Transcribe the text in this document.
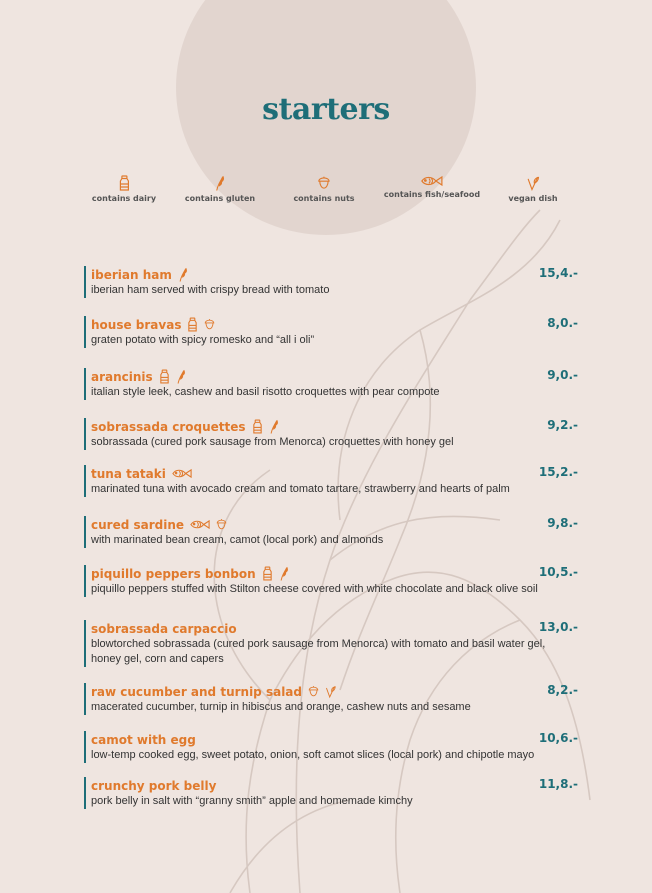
starters
contains dairy	contains gluten	contains nuts	contains fish/seafood	vegan dish
iberian ham	15,4.-
iberian ham served with crispy bread with tomato
house bravas	8,0.-
graten potato with spicy romesko and “all i oli”
arancinis	9,0.-
italian style leek, cashew and basil risotto croquettes with pear compote
sobrassada croquettes	9,2.-
sobrassada (cured pork sausage from Menorca) croquettes with honey gel
tuna tataki	15,2.-
marinated tuna with avocado cream and tomato tartare, strawberry and hearts of palm
cured sardine	9,8.-
with marinated bean cream, camot (local pork) and almonds
piquillo peppers bonbon	10,5.-
piquillo peppers stuffed with Stilton cheese covered with white chocolate and black olive soil
sobrassada carpaccio	13,0.-
blowtorched sobrassada (cured pork sausage from Menorca) with tomato and basil water gel, honey gel, corn and capers
raw cucumber and turnip salad	8,2.-
macerated cucumber, turnip in hibiscus and orange, cashew nuts and sesame
camot with egg	10,6.-
low-temp cooked egg, sweet potato, onion, soft camot slices (local pork) and chipotle mayo
crunchy pork belly	11,8.-
pork belly in salt with “granny smith” apple and homemade kimchy
